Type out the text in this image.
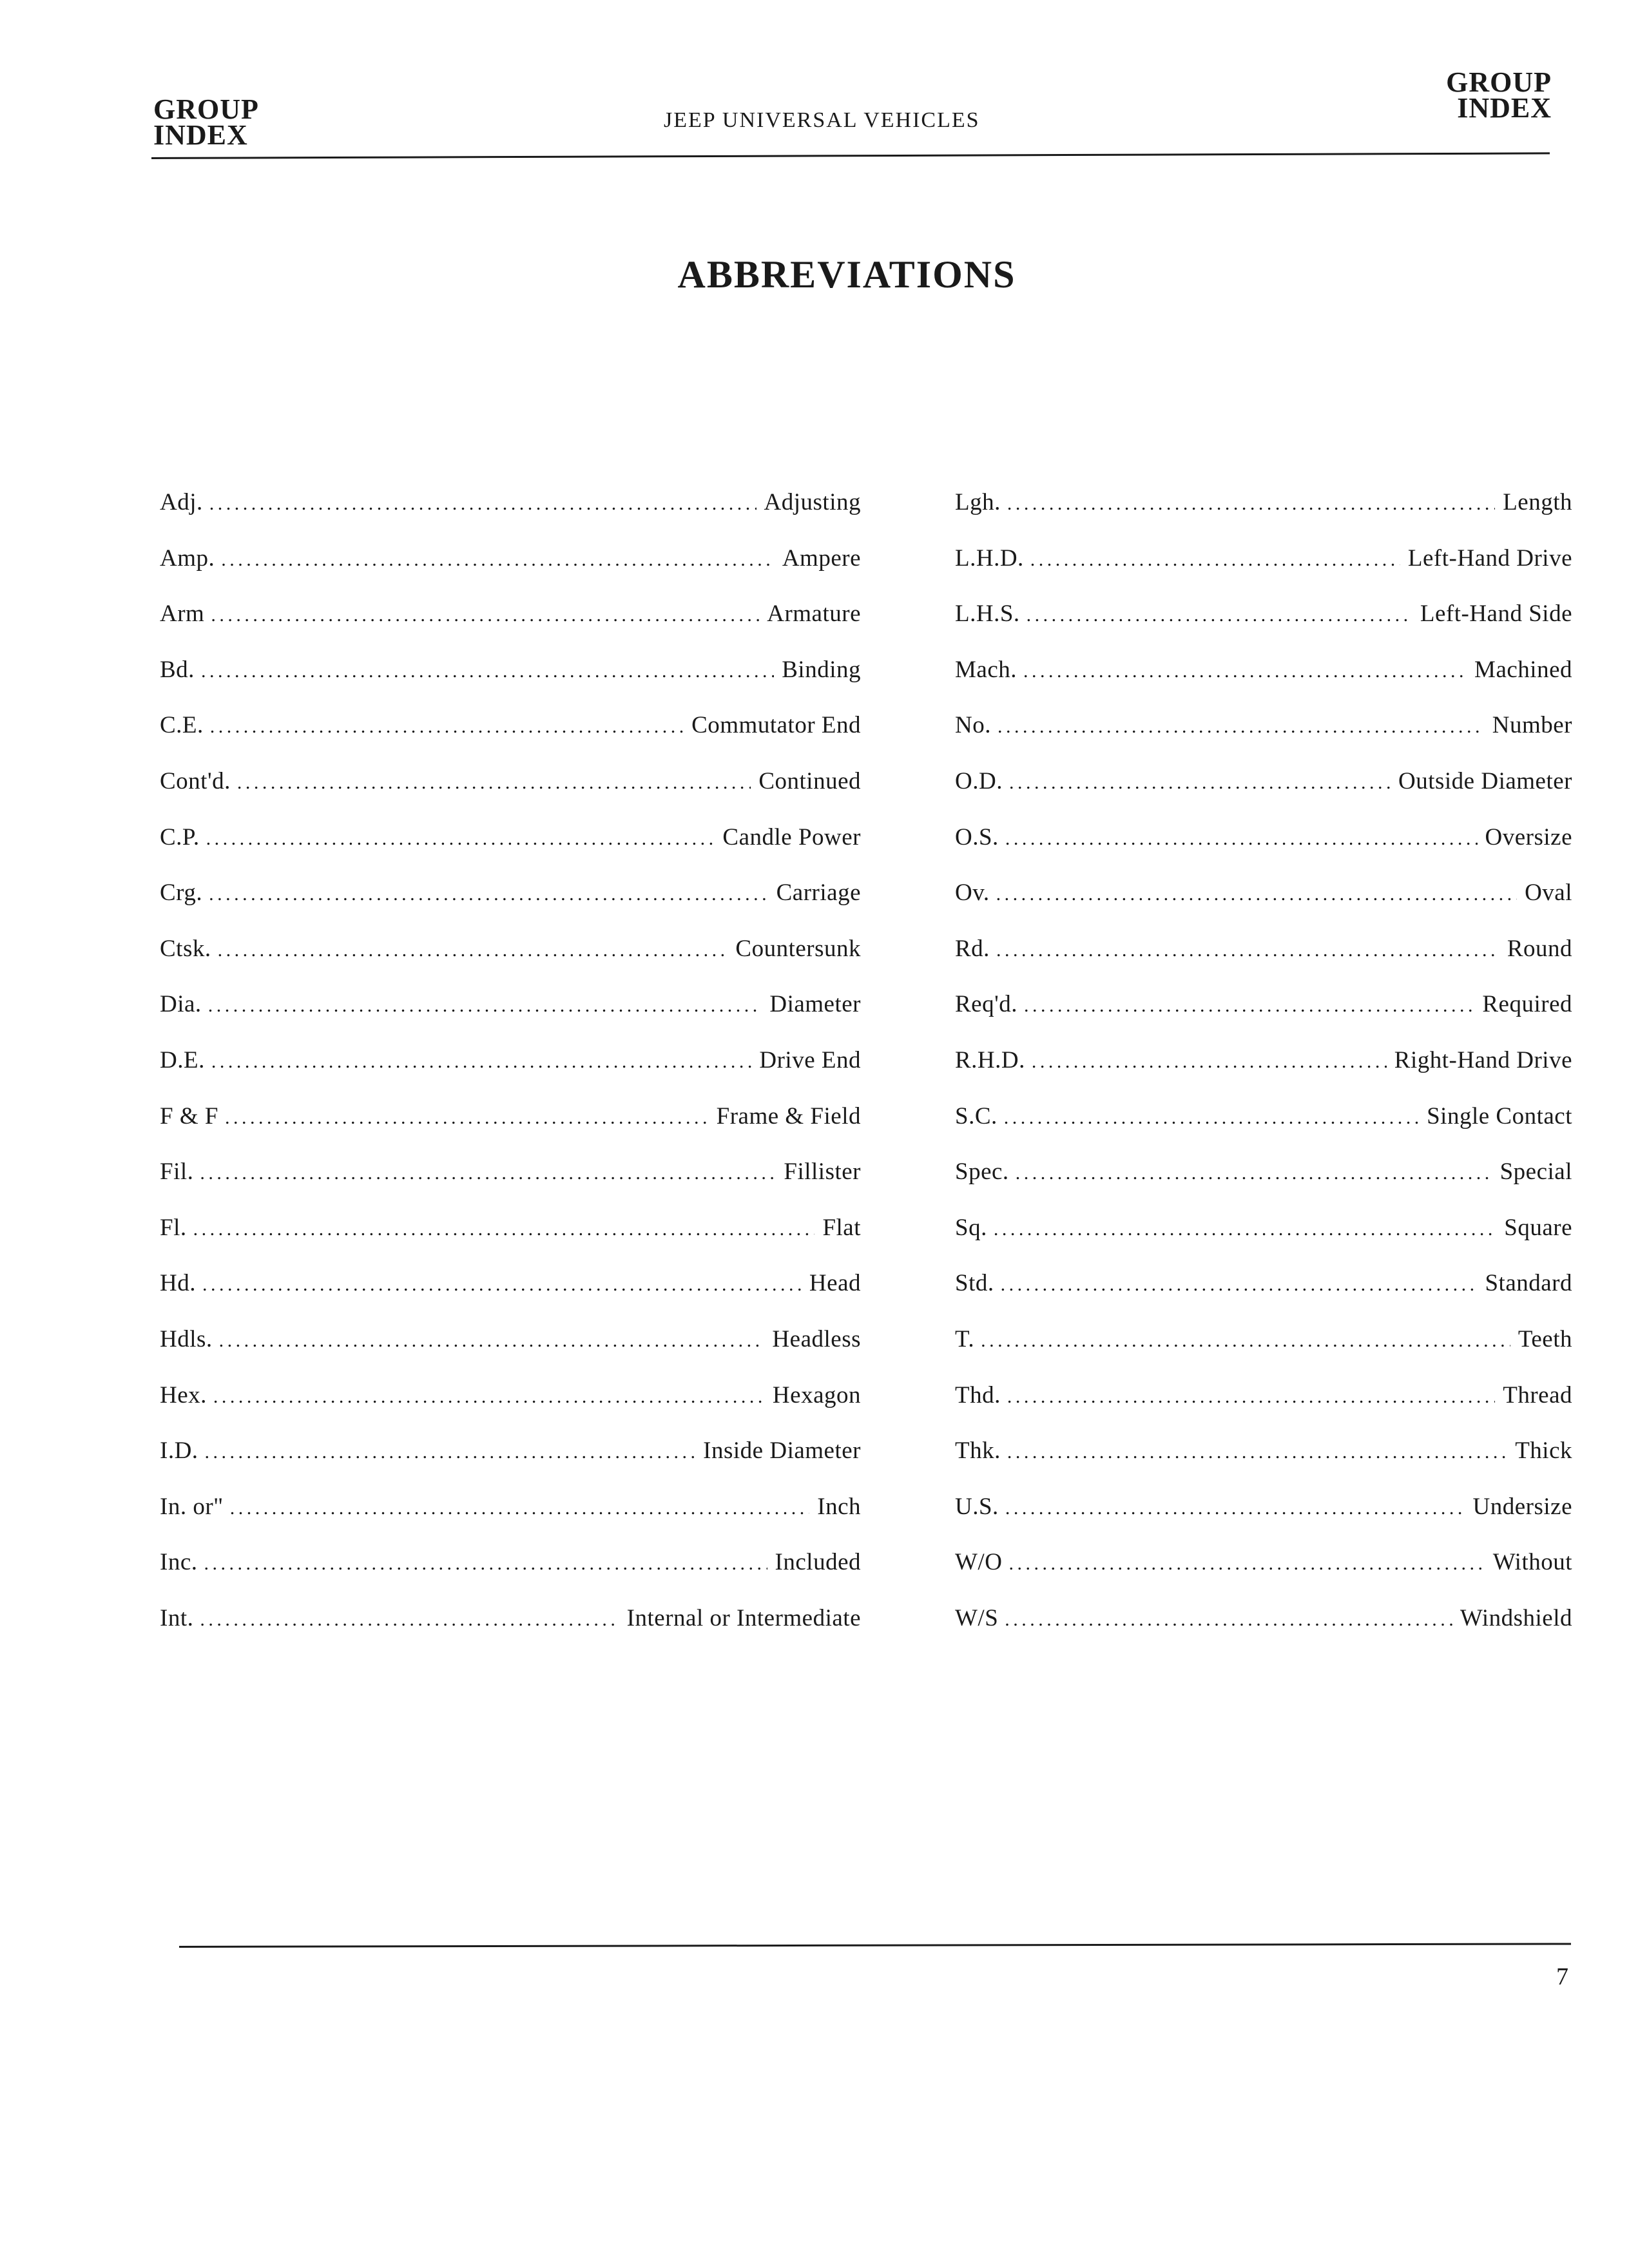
GROUP
INDEX	JEEP UNIVERSAL VEHICLES
GROUP
INDEX
ABBREVIATIONS
Adj. . . .	Adjusting
Amp. . . .	Ampere
Arm . . .	Armature
Bd. . . .	Binding
C.E. . . .	Commutator End
Cont'd. . . .	Continued
C.P. . . .	Candle Power
Crg. . . .	Carriage
Ctsk. . . .	Countersunk
Dia. . . .	Diameter
D.E. . . .	Drive End
F & F . . .	Frame & Field
Fil. . . .	Fillister
Fl. . . .	Flat
Hd. . . .	Head
Hdls. . . .	Headless
Hex. . . .	Hexagon
I.D. . . .	Inside Diameter
In. or" . . .	Inch
Inc. . . .	Included
Int. . . .	Internal or Intermediate
Lgh. . . .	Length
L.H.D. . . .	Left-Hand Drive
L.H.S. . . .	Left-Hand Side
Mach. . . .	Machined
No. . . .	Number
O.D. . . .	Outside Diameter
O.S. . . .	Oversize
Ov. . . .	Oval
Rd. . . .	Round
Req'd. . . .	Required
R.H.D. . . .	Right-Hand Drive
S.C. . . .	Single Contact
Spec. . . .	Special
Sq. . . .	Square
Std. . . .	Standard
T. . . .	Teeth
Thd. . . .	Thread
Thk. . . .	Thick
U.S. . . .	Undersize
W/O . . .	Without
W/S . . .	Windshield
7
